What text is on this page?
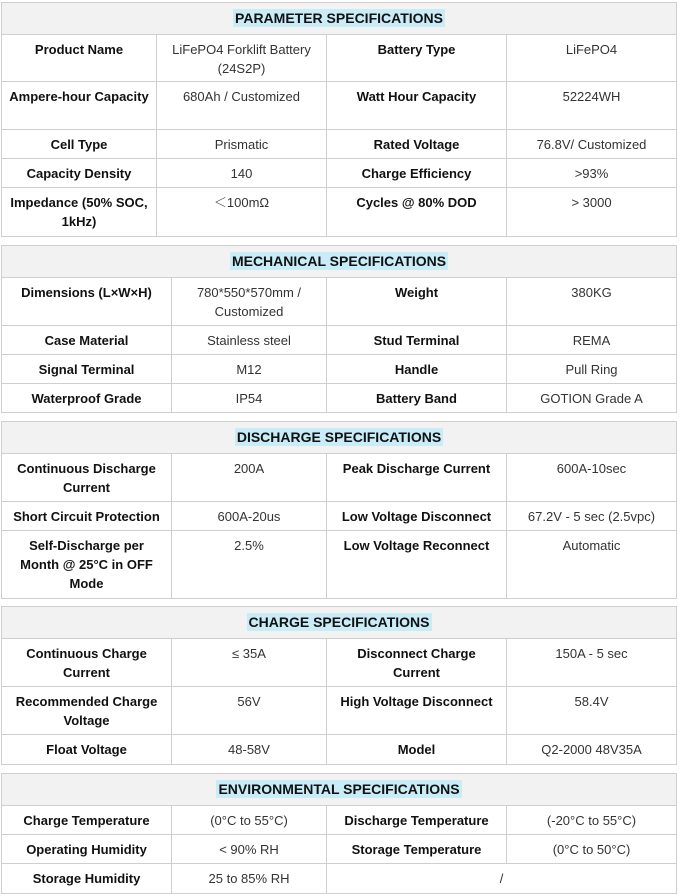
PARAMETER SPECIFICATIONS			
Product Name	LiFePO4 Forklift Battery (24S2P)	Battery Type	LiFePO4
Ampere-hour Capacity	680Ah / Customized	Watt Hour Capacity	52224WH
Cell Type	Prismatic	Rated Voltage	76.8V/ Customized
Capacity Density	140	Charge Efficiency	>93%
Impedance (50% SOC, 1kHz)	＜100mΩ	Cycles @ 80% DOD	> 3000
MECHANICAL SPECIFICATIONS			
Dimensions (L×W×H)	780*550*570mm / Customized	Weight	380KG
Case Material	Stainless steel	Stud Terminal	REMA
Signal Terminal	M12	Handle	Pull Ring
Waterproof Grade	IP54	Battery Band	GOTION Grade A
DISCHARGE SPECIFICATIONS			
Continuous Discharge Current	200A	Peak Discharge Current	600A-10sec
Short Circuit Protection	600A-20us	Low Voltage Disconnect	67.2V - 5 sec (2.5vpc)
Self-Discharge per Month @ 25°C in OFF Mode	2.5%	Low Voltage Reconnect	Automatic
CHARGE SPECIFICATIONS			
Continuous Charge Current	≤ 35A	Disconnect Charge Current	150A - 5 sec
Recommended Charge Voltage	56V	High Voltage Disconnect	58.4V
Float Voltage	48-58V	Model	Q2-2000 48V35A
ENVIRONMENTAL SPECIFICATIONS			
Charge Temperature	(0°C to 55°C)	Discharge Temperature	(-20°C to 55°C)
Operating Humidity	< 90% RH	Storage Temperature	(0°C to 50°C)
Storage Humidity	25 to 85% RH	/	
